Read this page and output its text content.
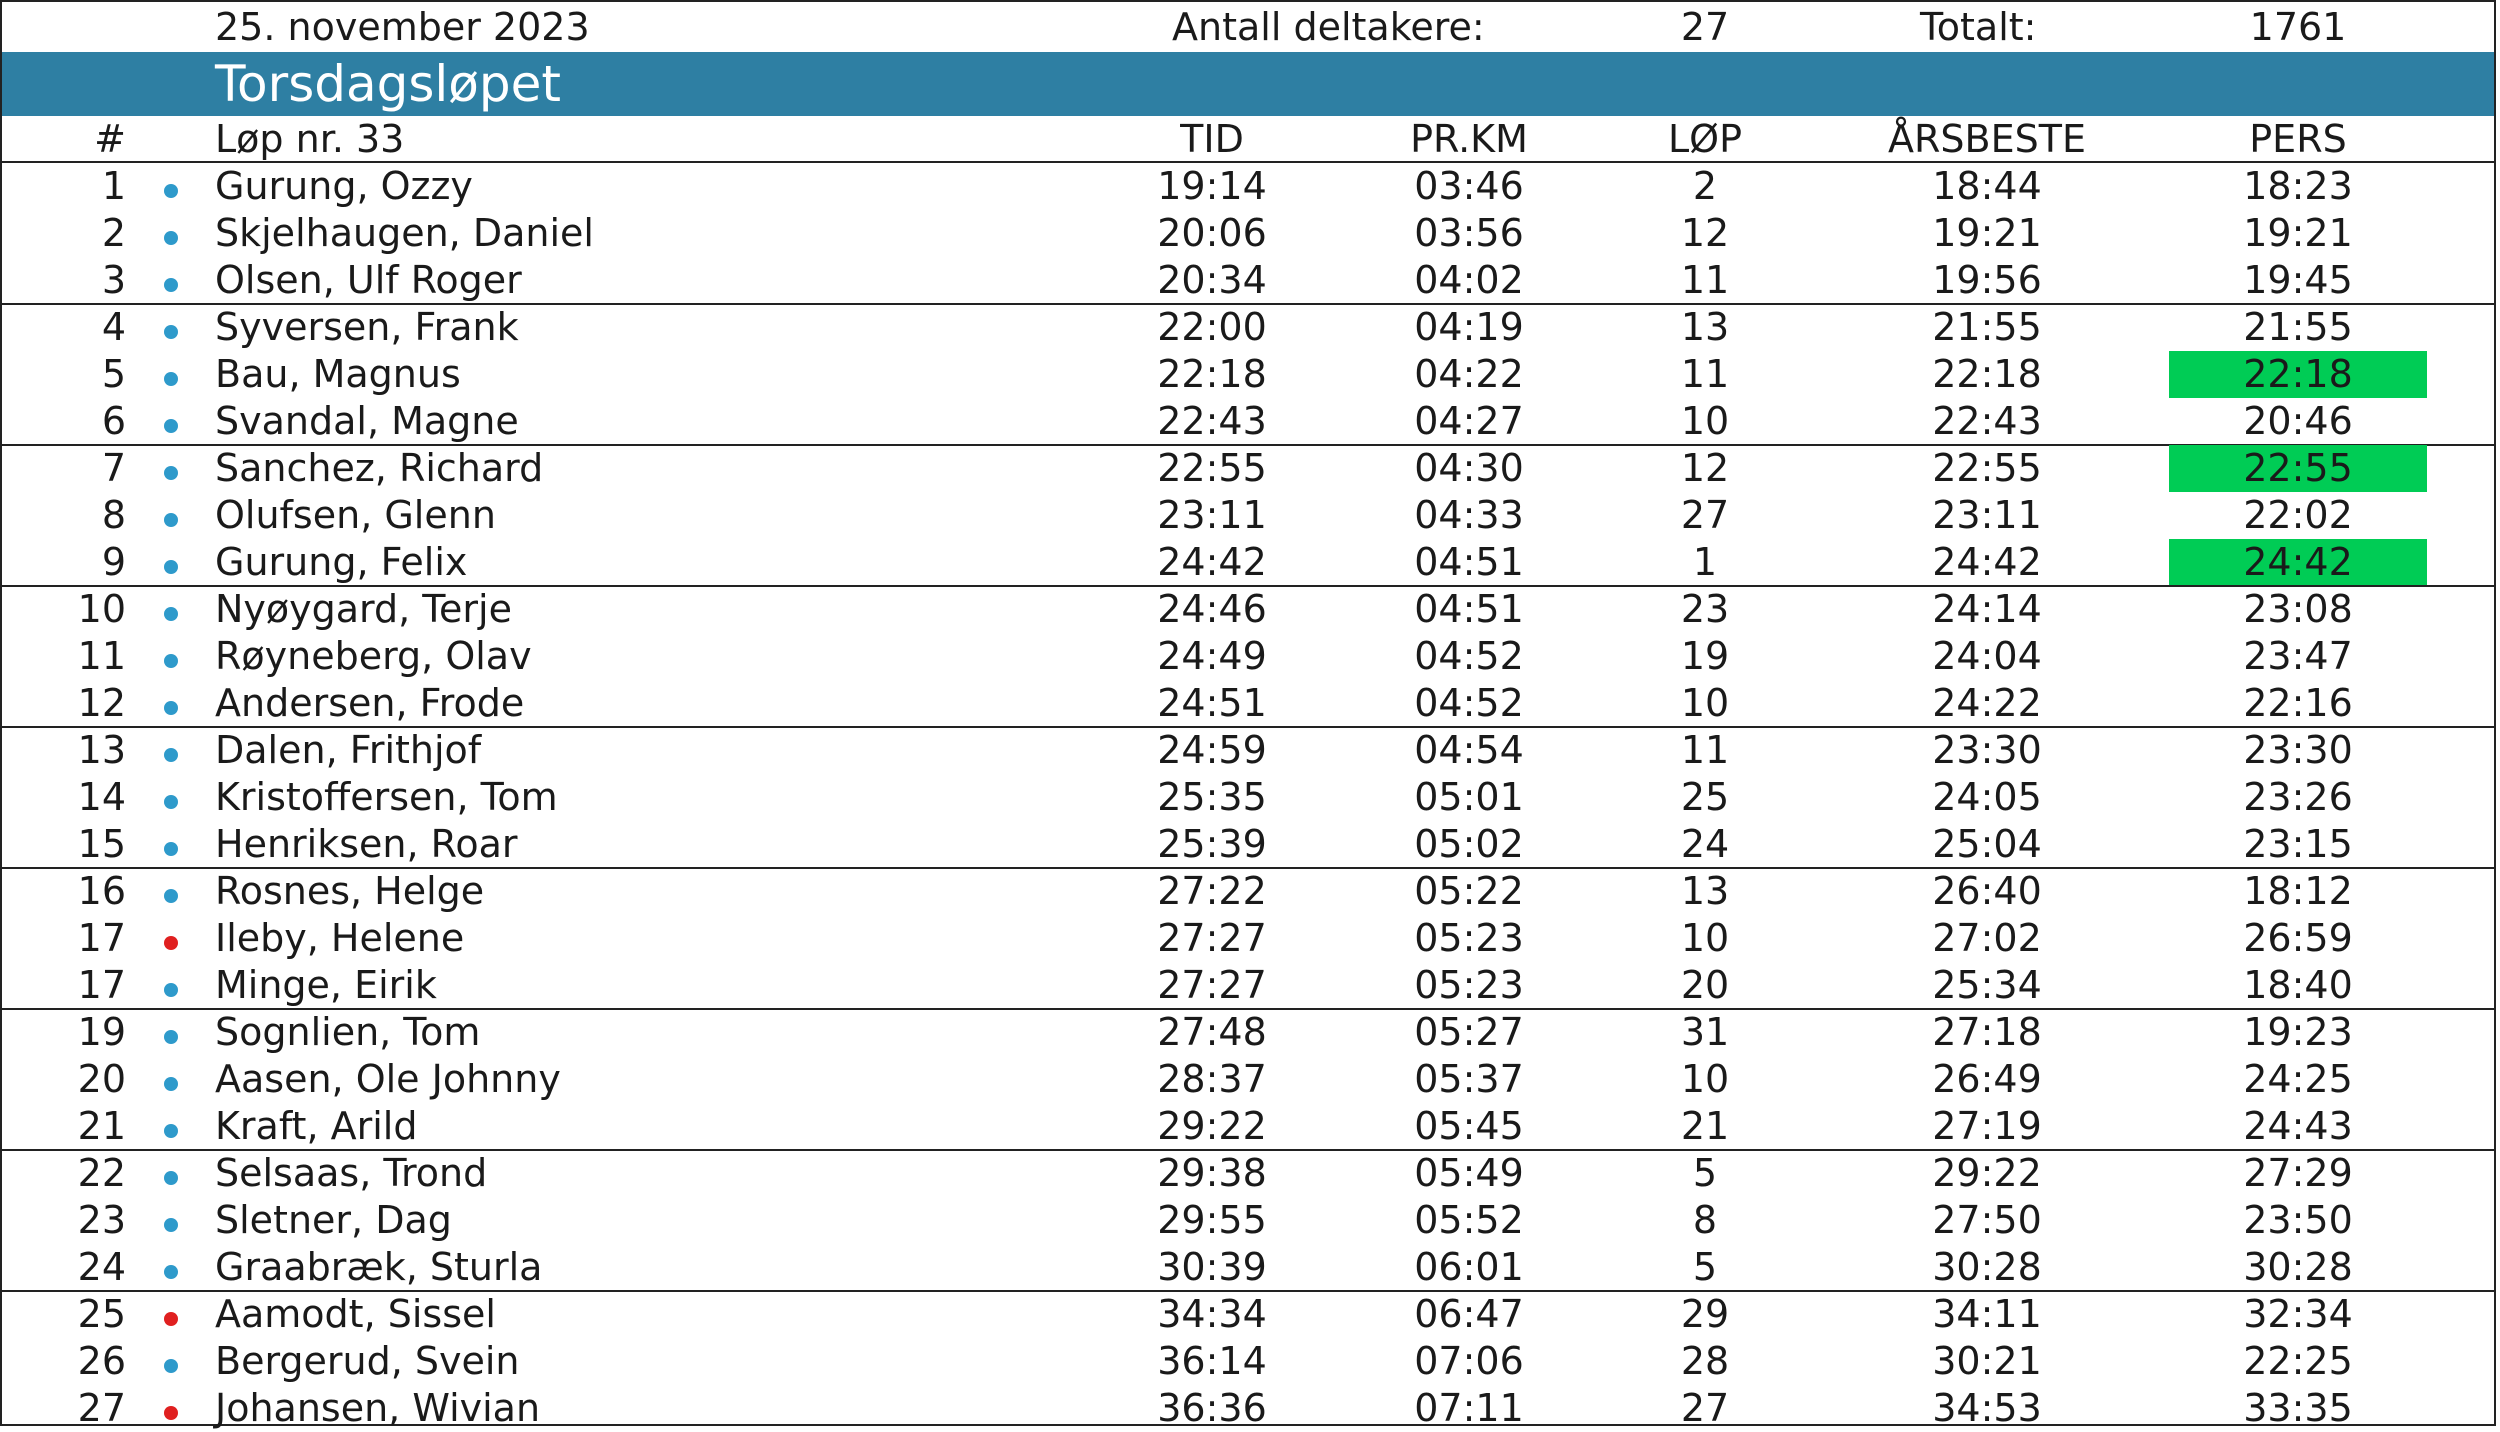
25. november 2023	Antall deltakere:	27	Totalt:	1761
Torsdagsløpet
#	Løp nr. 33	TID	PR.KM	LØP	ÅRSBESTE	PERS
1 Gurung, Ozzy	19:14	03:46	2	18:44	18:23
2 Skjelhaugen, Daniel	20:06	03:56	12	19:21	19:21
3 Olsen, Ulf Roger	20:34	04:02	11	19:56	19:45
4 Syversen, Frank	22:00	04:19	13	21:55	21:55
5 Bau, Magnus	22:18	04:22	11	22:18	22:18
6 Svandal, Magne	22:43	04:27	10	22:43	20:46
7 Sanchez, Richard	22:55	04:30	12	22:55	22:55
8 Olufsen, Glenn	23:11	04:33	27	23:11	22:02
9 Gurung, Felix	24:42	04:51	1	24:42	24:42
10 Nyøygard, Terje	24:46	04:51	23	24:14	23:08
11 Røyneberg, Olav	24:49	04:52	19	24:04	23:47
12 Andersen, Frode	24:51	04:52	10	24:22	22:16
13 Dalen, Frithjof	24:59	04:54	11	23:30	23:30
14 Kristoffersen, Tom	25:35	05:01	25	24:05	23:26
15 Henriksen, Roar	25:39	05:02	24	25:04	23:15
16 Rosnes, Helge	27:22	05:22	13	26:40	18:12
17 Ileby, Helene	27:27	05:23	10	27:02	26:59
17 Minge, Eirik	27:27	05:23	20	25:34	18:40
19 Sognlien, Tom	27:48	05:27	31	27:18	19:23
20 Aasen, Ole Johnny	28:37	05:37	10	26:49	24:25
21 Kraft, Arild	29:22	05:45	21	27:19	24:43
22 Selsaas, Trond	29:38	05:49	5	29:22	27:29
23 Sletner, Dag	29:55	05:52	8	27:50	23:50
24 Graabræk, Sturla	30:39	06:01	5	30:28	30:28
25 Aamodt, Sissel	34:34	06:47	29	34:11	32:34
26 Bergerud, Svein	36:14	07:06	28	30:21	22:25
27 Johansen, Wivian	36:36	07:11	27	34:53	33:35
